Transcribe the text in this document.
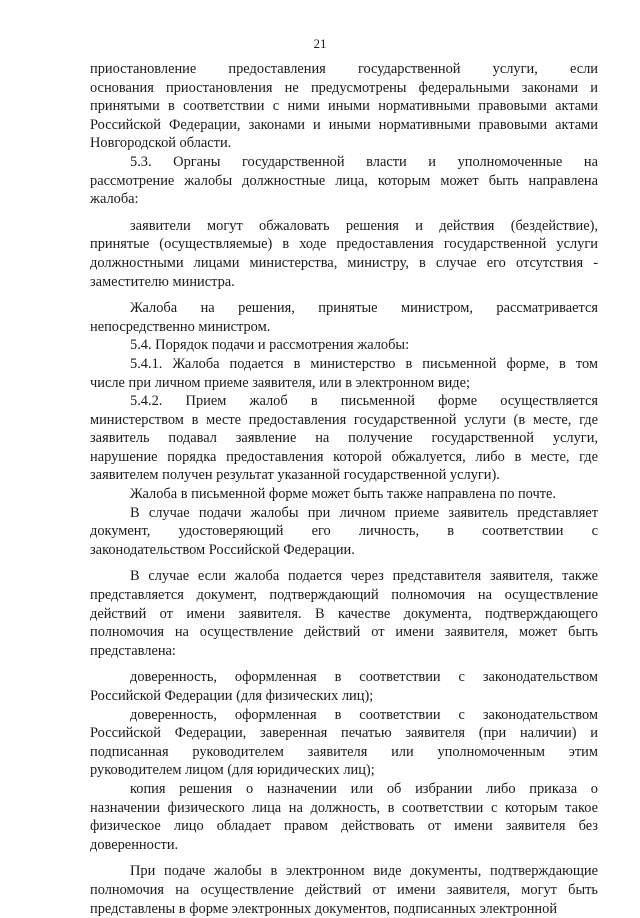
21
приостановление предоставления государственной услуги, если
основания приостановления не предусмотрены федеральными законами и
принятыми в соответствии с ними иными нормативными правовыми актами
Российской Федерации, законами и иными нормативными правовыми актами
Новгородской области.
5.3. Органы государственной власти и уполномоченные на
рассмотрение жалобы должностные лица, которым может быть направлена
жалоба:
заявители могут обжаловать решения и действия (бездействие),
принятые (осуществляемые) в ходе предоставления государственной услуги
должностными лицами министерства, министру, в случае его отсутствия -
заместителю министра.
Жалоба на решения, принятые министром, рассматривается
непосредственно министром.
5.4. Порядок подачи и рассмотрения жалобы:
5.4.1. Жалоба подается в министерство в письменной форме, в том
числе при личном приеме заявителя, или в электронном виде;
5.4.2. Прием жалоб в письменной форме осуществляется
министерством в месте предоставления государственной услуги (в месте, где
заявитель подавал заявление на получение государственной услуги,
нарушение порядка предоставления которой обжалуется, либо в месте, где
заявителем получен результат указанной государственной услуги).
Жалоба в письменной форме может быть также направлена по почте.
В случае подачи жалобы при личном приеме заявитель представляет
документ, удостоверяющий его личность, в соответствии с
законодательством Российской Федерации.
В случае если жалоба подается через представителя заявителя, также
представляется документ, подтверждающий полномочия на осуществление
действий от имени заявителя. В качестве документа, подтверждающего
полномочия на осуществление действий от имени заявителя, может быть
представлена:
доверенность, оформленная в соответствии с законодательством
Российской Федерации (для физических лиц);
доверенность, оформленная в соответствии с законодательством
Российской Федерации, заверенная печатью заявителя (при наличии) и
подписанная руководителем заявителя или уполномоченным этим
руководителем лицом (для юридических лиц);
копия решения о назначении или об избрании либо приказа о
назначении физического лица на должность, в соответствии с которым такое
физическое лицо обладает правом действовать от имени заявителя без
доверенности.
При подаче жалобы в электронном виде документы, подтверждающие
полномочия на осуществление действий от имени заявителя, могут быть
представлены в форме электронных документов, подписанных электронной
